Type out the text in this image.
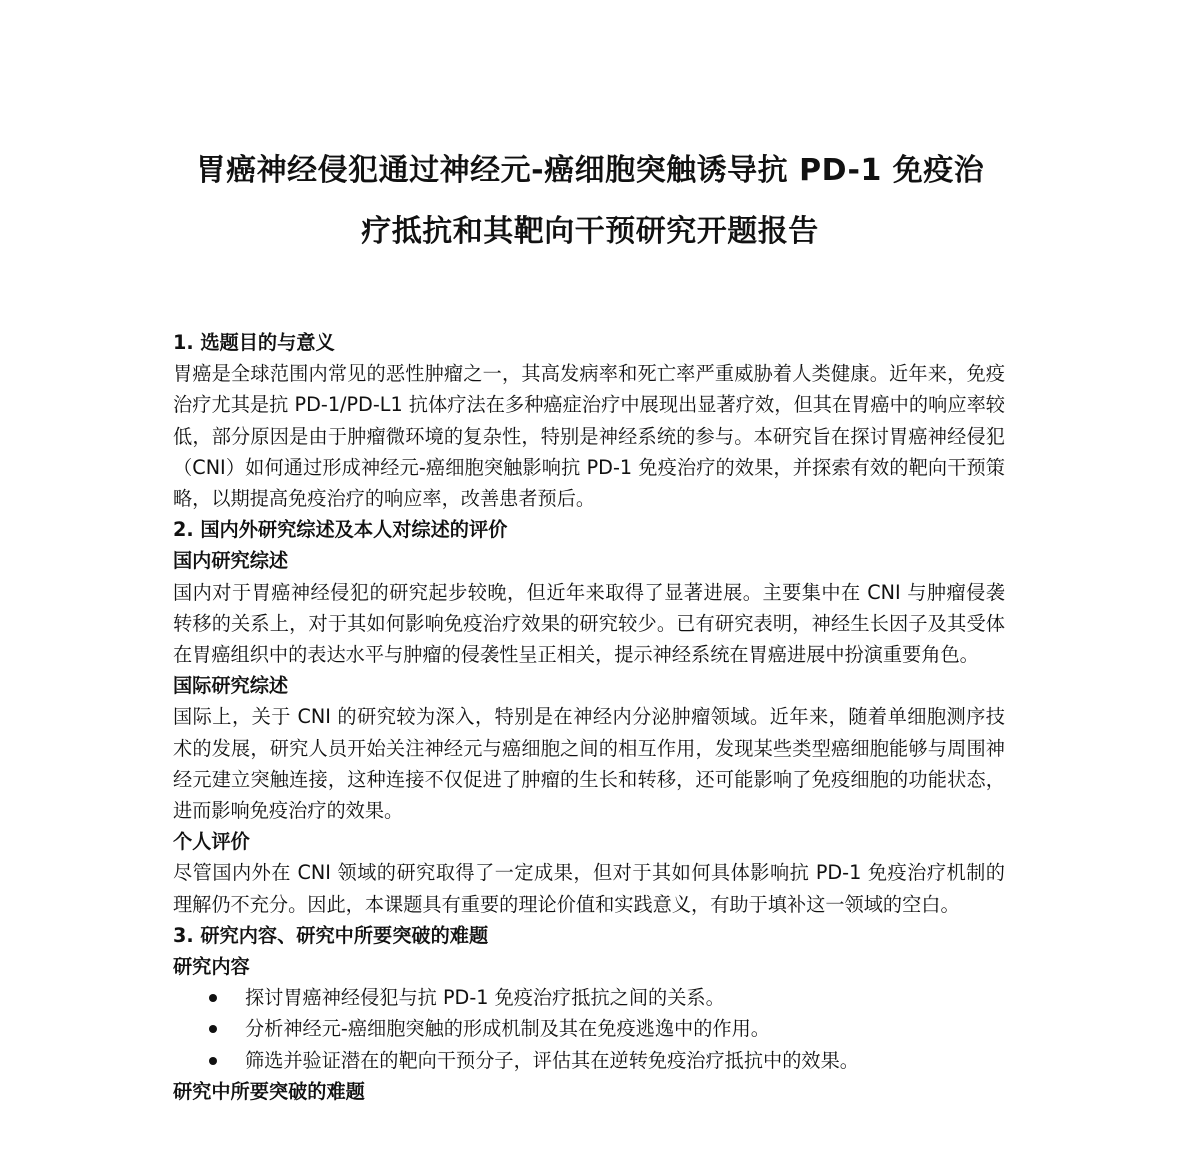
胃癌神经侵犯通过神经元-癌细胞突触诱导抗 PD-1 免疫治
疗抵抗和其靶向干预研究开题报告

1. 选题目的与意义

胃癌是全球范围内常见的恶性肿瘤之一，其高发病率和死亡率严重威胁着人类健康。近年来，免疫治疗尤其是抗 PD-1/PD-L1 抗体疗法在多种癌症治疗中展现出显著疗效，但其在胃癌中的响应率较低，部分原因是由于肿瘤微环境的复杂性，特别是神经系统的参与。本研究旨在探讨胃癌神经侵犯（CNI）如何通过形成神经元-癌细胞突触影响抗 PD-1 免疫治疗的效果，并探索有效的靶向干预策略，以期提高免疫治疗的响应率，改善患者预后。

2. 国内外研究综述及本人对综述的评价

国内研究综述

国内对于胃癌神经侵犯的研究起步较晚，但近年来取得了显著进展。主要集中在 CNI 与肿瘤侵袭转移的关系上，对于其如何影响免疫治疗效果的研究较少。已有研究表明，神经生长因子及其受体在胃癌组织中的表达水平与肿瘤的侵袭性呈正相关，提示神经系统在胃癌进展中扮演重要角色。

国际研究综述

国际上，关于 CNI 的研究较为深入，特别是在神经内分泌肿瘤领域。近年来，随着单细胞测序技术的发展，研究人员开始关注神经元与癌细胞之间的相互作用，发现某些类型癌细胞能够与周围神经元建立突触连接，这种连接不仅促进了肿瘤的生长和转移，还可能影响了免疫细胞的功能状态，进而影响免疫治疗的效果。

个人评价

尽管国内外在 CNI 领域的研究取得了一定成果，但对于其如何具体影响抗 PD-1 免疫治疗机制的理解仍不充分。因此，本课题具有重要的理论价值和实践意义，有助于填补这一领域的空白。

3. 研究内容、研究中所要突破的难题

研究内容

探讨胃癌神经侵犯与抗 PD-1 免疫治疗抵抗之间的关系。
分析神经元-癌细胞突触的形成机制及其在免疫逃逸中的作用。
筛选并验证潜在的靶向干预分子，评估其在逆转免疫治疗抵抗中的效果。

研究中所要突破的难题
